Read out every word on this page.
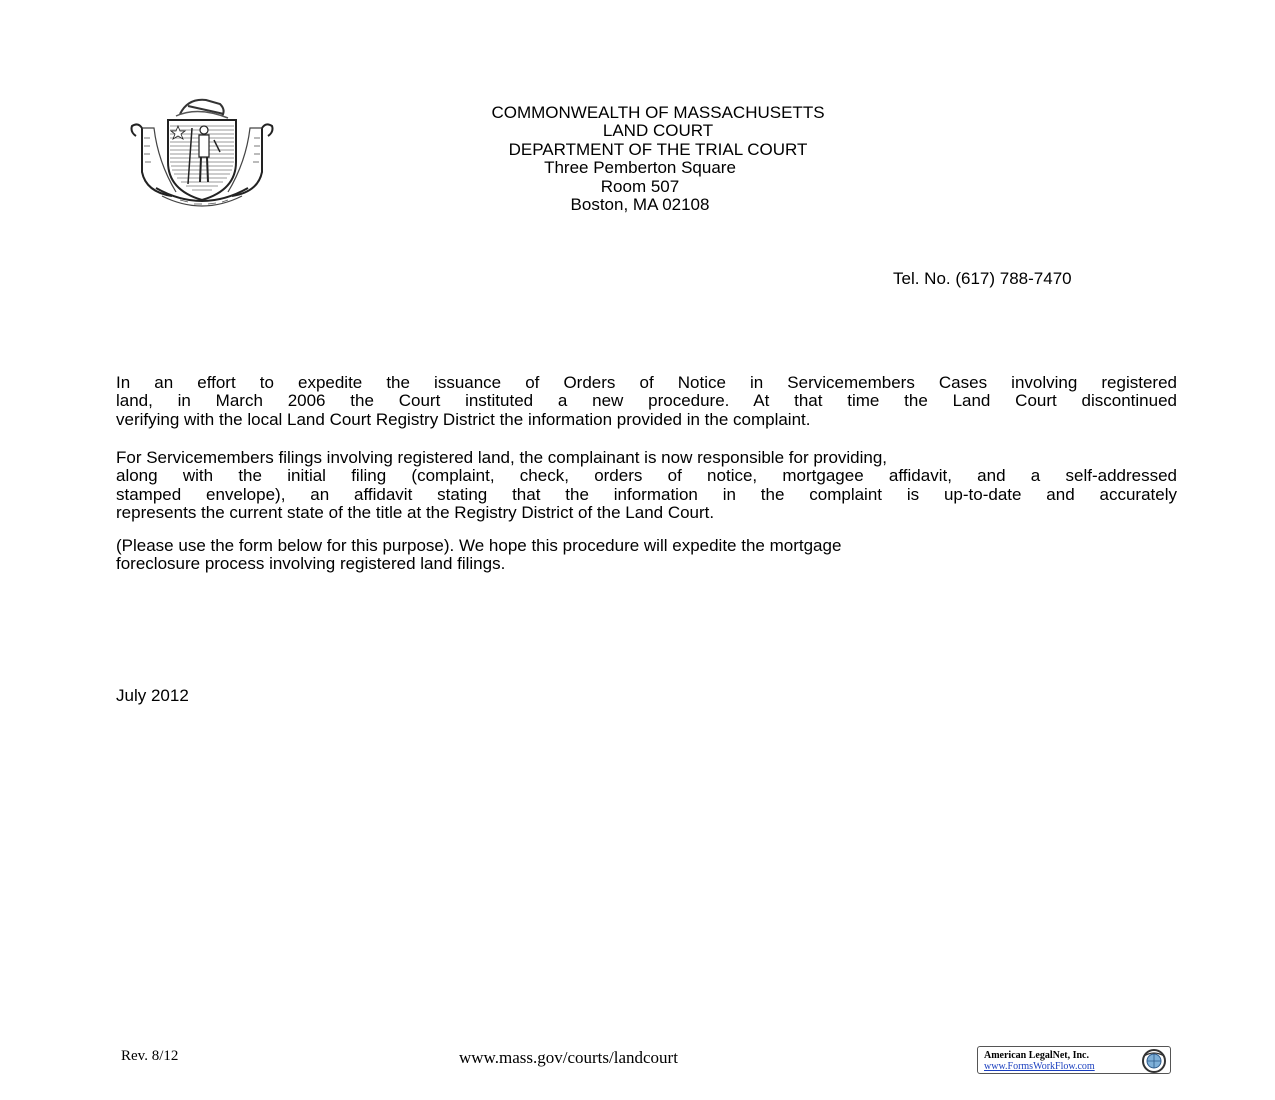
COMMONWEALTH OF MASSACHUSETTS
LAND COURT
DEPARTMENT OF THE TRIAL COURT
Three Pemberton Square
Room 507
Boston, MA 02108
Tel. No. (617) 788-7470
In an effort to expedite the issuance of Orders of Notice in Servicemembers Cases involving registered
land, in March 2006 the Court instituted a new procedure. At that time the Land Court discontinued
verifying with the local Land Court Registry District the information provided in the complaint.
For Servicemembers filings involving registered land, the complainant is now responsible for providing,
along with the initial filing (complaint, check, orders of notice, mortgagee affidavit, and a self-addressed
stamped envelope), an affidavit stating that the information in the complaint is up-to-date and accurately
represents the current state of the title at the Registry District of the Land Court.
(Please use the form below for this purpose). We hope this procedure will expedite the mortgage
foreclosure process involving registered land filings.
July 2012
Rev. 8/12	www.mass.gov/courts/landcourt	American LegalNet, Inc.
www.FormsWorkFlow.com
